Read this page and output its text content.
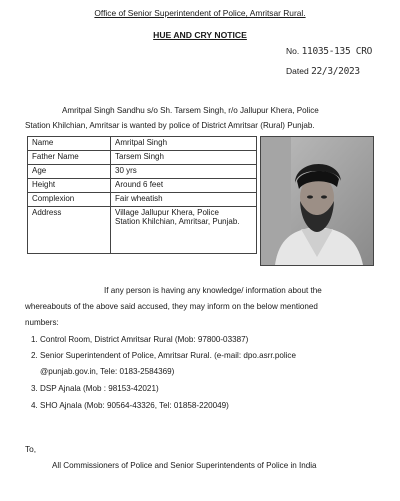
Office of Senior Superintendent of Police, Amritsar Rural.
HUE AND CRY NOTICE
No. 11035-135 CRO
Dated 22/3/2023
Amritpal Singh Sandhu s/o Sh. Tarsem Singh, r/o Jallupur Khera, Police
Station Khilchian, Amritsar is wanted by police of District Amritsar (Rural) Punjab.
Name	Amritpal Singh
Father Name	Tarsem Singh
Age	30 yrs
Height	Around 6 feet
Complexion	Fair wheatish
Address	Village Jallupur Khera, Police
Station Khilchian, Amritsar, Punjab.
If any person is having any knowledge/ information about the
whereabouts of the above said accused, they may inform on the below mentioned
numbers:
1. Control Room, District Amritsar Rural (Mob: 97800-03387)
2. Senior Superintendent of Police, Amritsar Rural. (e-mail: dpo.asrr.police
@punjab.gov.in, Tele: 0183-2584369)
3. DSP Ajnala (Mob : 98153-42021)
4. SHO Ajnala (Mob: 90564-43326, Tel: 01858-220049)
To,
All Commissioners of Police and Senior Superintendents of Police in India
